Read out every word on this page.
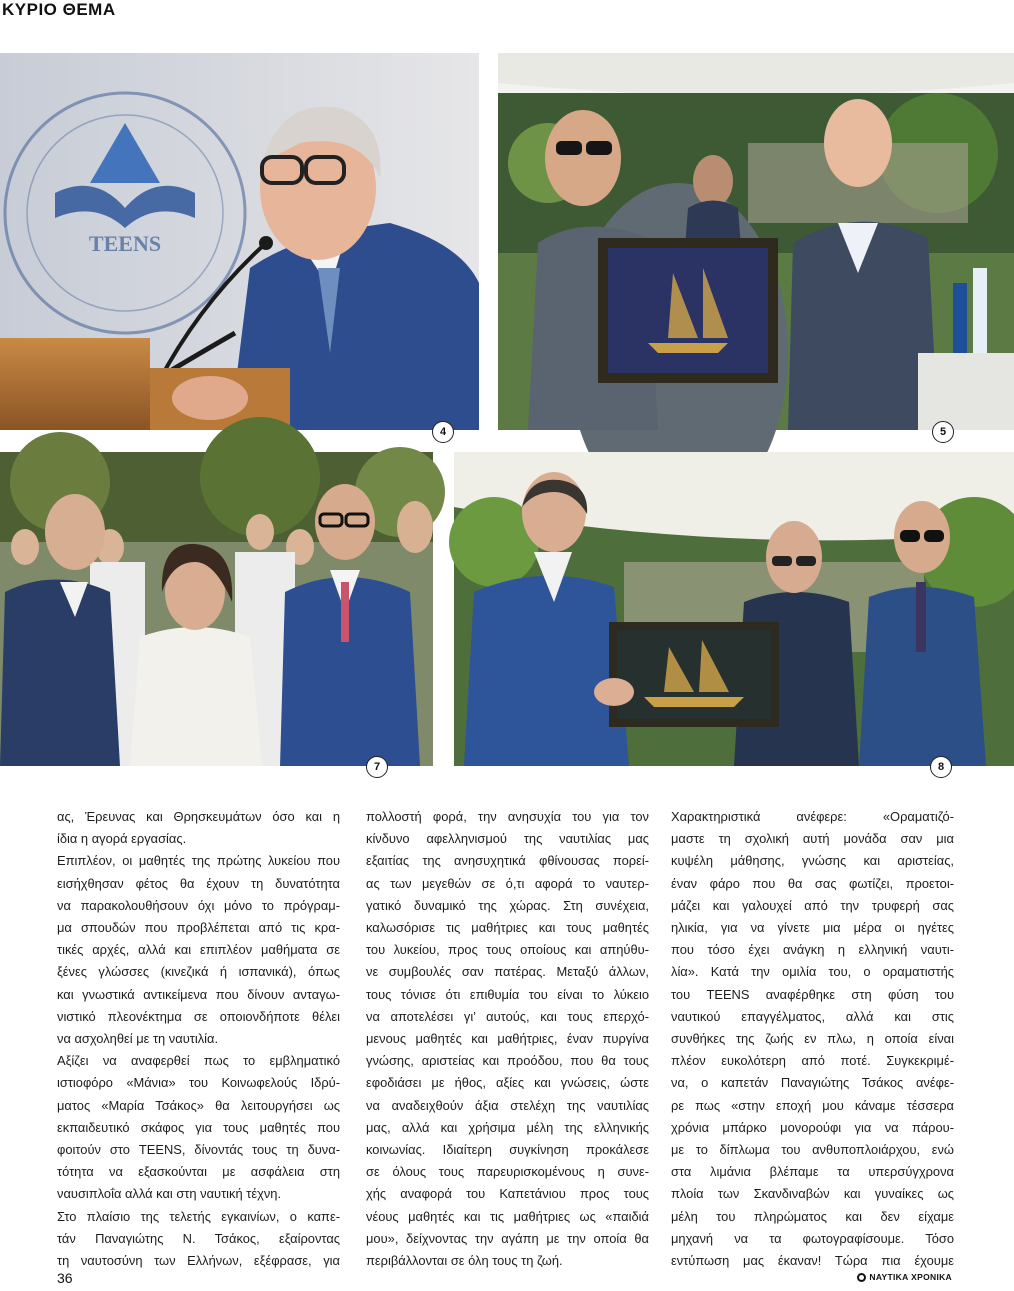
ΚΥΡΙΟ ΘΕΜΑ
TEENS
4	5
7	8

ας, Έρευνας και Θρησκευμάτων όσο και η

ίδια η αγορά εργασίας.

Επιπλέον, οι μαθητές της πρώτης λυκείου που

εισήχθησαν φέτος θα έχουν τη δυνατότητα

να παρακολουθήσουν όχι μόνο το πρόγραμ-

μα σπουδών που προβλέπεται από τις κρα-

τικές αρχές, αλλά και επιπλέον μαθήματα σε

ξένες γλώσσες (κινεζικά ή ισπανικά), όπως

και γνωστικά αντικείμενα που δίνουν ανταγω-

νιστικό πλεονέκτημα σε οποιονδήποτε θέλει

να ασχοληθεί με τη ναυτιλία.

Αξίζει να αναφερθεί πως το εμβληματικό

ιστιοφόρο «Μάνια» του Κοινωφελούς Ιδρύ-

ματος «Μαρία Τσάκος» θα λειτουργήσει ως

εκπαιδευτικό σκάφος για τους μαθητές που

φοιτούν στο TEENS, δίνοντάς τους τη δυνα-

τότητα να εξασκούνται με ασφάλεια στη

ναυσιπλοΐα αλλά και στη ναυτική τέχνη.

Στο πλαίσιο της τελετής εγκαινίων, ο καπε-

τάν Παναγιώτης Ν. Τσάκος, εξαίροντας

τη ναυτοσύνη των Ελλήνων, εξέφρασε, για

πολλοστή φορά, την ανησυχία του για τον

κίνδυνο αφελληνισμού της ναυτιλίας μας

εξαιτίας της ανησυχητικά φθίνουσας πορεί-

ας των μεγεθών σε ό,τι αφορά το ναυτερ-

γατικό δυναμικό της χώρας. Στη συνέχεια,

καλωσόρισε τις μαθήτριες και τους μαθητές

του λυκείου, προς τους οποίους και απηύθυ-

νε συμβουλές σαν πατέρας. Μεταξύ άλλων,

τους τόνισε ότι επιθυμία του είναι το λύκειο

να αποτελέσει γι’ αυτούς, και τους επερχό-

μενους μαθητές και μαθήτριες, έναν πυργίνα

γνώσης, αριστείας και προόδου, που θα τους

εφοδιάσει με ήθος, αξίες και γνώσεις, ώστε

να αναδειχθούν άξια στελέχη της ναυτιλίας

μας, αλλά και χρήσιμα μέλη της ελληνικής

κοινωνίας. Ιδιαίτερη συγκίνηση προκάλεσε

σε όλους τους παρευρισκομένους η συνε-

χής αναφορά του Καπετάνιου προς τους

νέους μαθητές και τις μαθήτριες ως «παιδιά

μου», δείχνοντας την αγάπη με την οποία θα

περιβάλλονται σε όλη τους τη ζωή.

Χαρακτηριστικά ανέφερε: «Οραματιζό-

μαστε τη σχολική αυτή μονάδα σαν μια

κυψέλη μάθησης, γνώσης και αριστείας,

έναν φάρο που θα σας φωτίζει, προετοι-

μάζει και γαλουχεί από την τρυφερή σας

ηλικία, για να γίνετε μια μέρα οι ηγέτες

που τόσο έχει ανάγκη η ελληνική ναυτι-

λία». Κατά την ομιλία του, ο οραματιστής

του TEENS αναφέρθηκε στη φύση του

ναυτικού επαγγέλματος, αλλά και στις

συνθήκες της ζωής εν πλω, η οποία είναι

πλέον ευκολότερη από ποτέ. Συγκεκριμέ-

να, ο καπετάν Παναγιώτης Τσάκος ανέφε-

ρε πως «στην εποχή μου κάναμε τέσσερα

χρόνια μπάρκο μονορούφι για να πάρου-

με το δίπλωμα του ανθυποπλοιάρχου, ενώ

στα λιμάνια βλέπαμε τα υπερσύγχρονα

πλοία των Σκανδιναβών και γυναίκες ως

μέλη του πληρώματος και δεν είχαμε

μηχανή να τα φωτογραφίσουμε. Τόσο

εντύπωση μας έκαναν! Τώρα πια έχουμε

36	ΝΑΥΤΙΚΑ ΧΡΟΝΙΚΑ
